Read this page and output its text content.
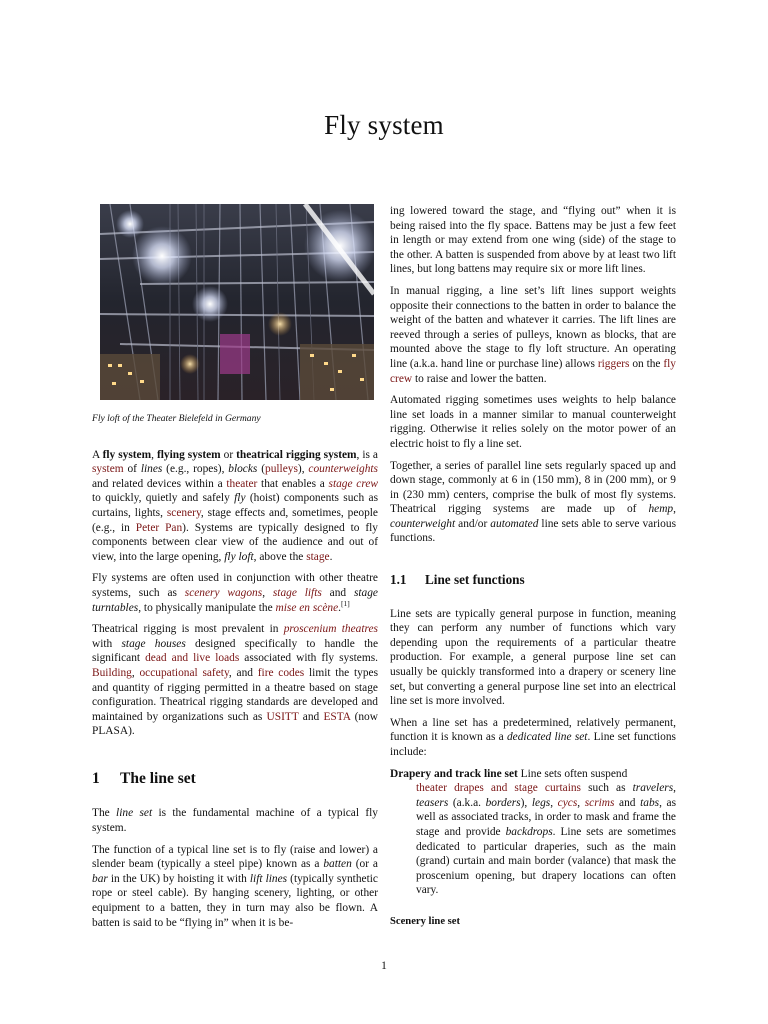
Fly system
Fly loft of the Theater Bielefeld in Germany

A fly system, flying system or theatrical rigging system, is a system of lines (e.g., ropes), blocks (pulleys), counterweights and related devices within a theater that enables a stage crew to quickly, quietly and safely fly (hoist) components such as curtains, lights, scenery, stage effects and, sometimes, people (e.g., in Peter Pan). Systems are typically designed to fly components between clear view of the audience and out of view, into the large opening, fly loft, above the stage.

Fly systems are often used in conjunction with other theatre systems, such as scenery wagons, stage lifts and stage turntables, to physically manipulate the mise en scène.[1]

Theatrical rigging is most prevalent in proscenium theatres with stage houses designed specifically to handle the significant dead and live loads associated with fly systems. Building, occupational safety, and fire codes limit the types and quantity of rigging permitted in a theatre based on stage configuration. Theatrical rigging standards are developed and maintained by organizations such as USITT and ESTA (now PLASA).

1 The line set

The line set is the fundamental machine of a typical fly system.

The function of a typical line set is to fly (raise and lower) a slender beam (typically a steel pipe) known as a batten (or a bar in the UK) by hoisting it with lift lines (typically synthetic rope or steel cable). By hanging scenery, lighting, or other equipment to a batten, they in turn may also be flown. A batten is said to be “flying in” when it is be-

ing lowered toward the stage, and “flying out” when it is being raised into the fly space. Battens may be just a few feet in length or may extend from one wing (side) of the stage to the other. A batten is suspended from above by at least two lift lines, but long battens may require six or more lift lines.

In manual rigging, a line set’s lift lines support weights opposite their connections to the batten in order to balance the weight of the batten and whatever it carries. The lift lines are reeved through a series of pulleys, known as blocks, that are mounted above the stage to fly loft structure. An operating line (a.k.a. hand line or purchase line) allows riggers on the fly crew to raise and lower the batten.

Automated rigging sometimes uses weights to help balance line set loads in a manner similar to manual counterweight rigging. Otherwise it relies solely on the motor power of an electric hoist to fly a line set.

Together, a series of parallel line sets regularly spaced up and down stage, commonly at 6 in (150 mm), 8 in (200 mm), or 9 in (230 mm) centers, comprise the bulk of most fly systems. Theatrical rigging systems are made up of hemp, counterweight and/or automated line sets able to serve various functions.

1.1 Line set functions

Line sets are typically general purpose in function, meaning they can perform any number of functions which vary depending upon the requirements of a particular theatre production. For example, a general purpose line set can usually be quickly transformed into a drapery or scenery line set, but converting a general purpose line set into an electrical line set is more involved.

When a line set has a predetermined, relatively permanent, function it is known as a dedicated line set. Line set functions include:

Drapery and track line set Line sets often suspend
theater drapes and stage curtains such as travelers, teasers (a.k.a. borders), legs, cycs, scrims and tabs, as well as associated tracks, in order to mask and frame the stage and provide backdrops. Line sets are sometimes dedicated to particular draperies, such as the main (grand) curtain and main border (valance) that mask the proscenium opening, but drapery locations can often vary.
Scenery line set
1
